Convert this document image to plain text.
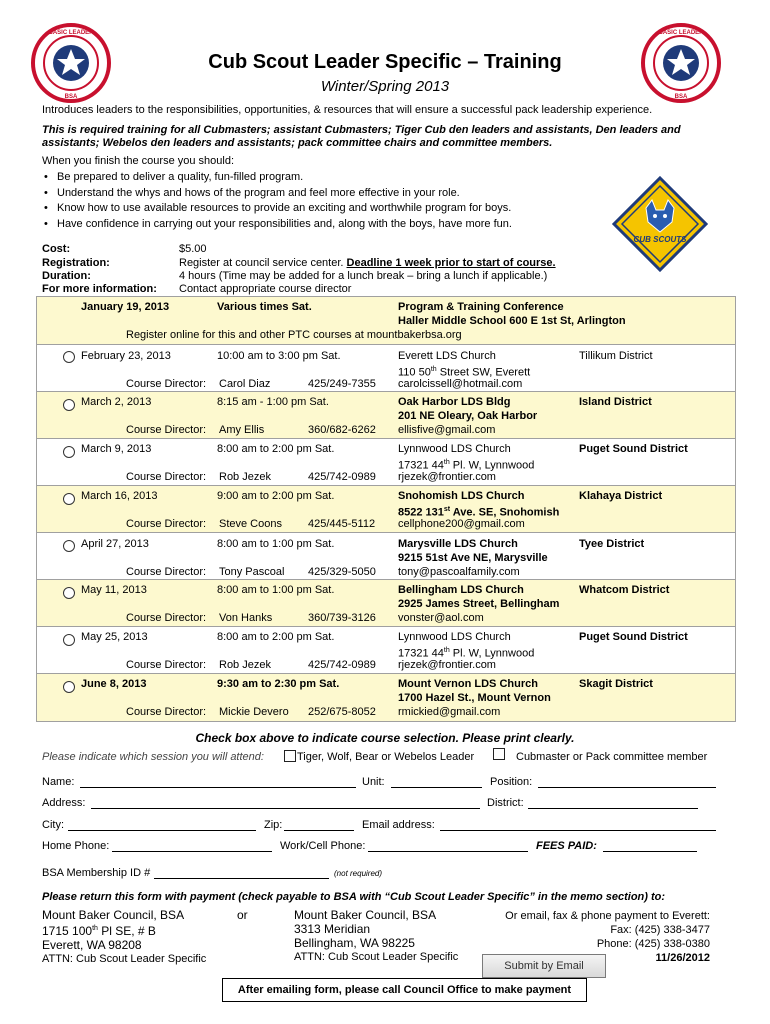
BASIC LEADER
BSA
BASIC LEADER
BSA
Cub Scout Leader Specific – Training
Winter/Spring 2013
Introduces leaders to the responsibilities, opportunities, & resources that will ensure a successful pack leadership experience.
This is required training for all Cubmasters; assistant Cubmasters; Tiger Cub den leaders and assistants, Den leaders and assistants; Webelos den leaders and assistants; pack committee chairs and committee members.
When you finish the course you should:
• Be prepared to deliver a quality, fun-filled program.
• Understand the whys and hows of the program and feel more effective in your role.
• Know how to use available resources to provide an exciting and worthwhile program for boys.
• Have confidence in carrying out your responsibilities and, along with the boys, have more fun.
CUB SCOUTS
Cost:	$5.00
Registration:	Register at council service center. Deadline 1 week prior to start of course.
Duration:	4 hours (Time may be added for a lunch break – bring a lunch if applicable.)
For more information: Contact appropriate course director
January 19, 2013	Various times Sat.	Program & Training Conference
Haller Middle School 600 E 1st St, Arlington
Register online for this and other PTC courses at mountbakerbsa.org
February 23, 2013	10:00 am to 3:00 pm Sat.	Everett LDS Church
110 50th Street SW, Everett
Tillikum District
Course Director: Carol Diaz	425/249-7355 carolcissell@hotmail.com
March 2, 2013	8:15 am - 1:00 pm Sat.	Oak Harbor LDS Bldg
201 NE Oleary, Oak Harbor
Island District
Course Director: Amy Ellis	360/682-6262 ellisfive@gmail.com
March 9, 2013	8:00 am to 2:00 pm Sat.	Lynnwood LDS Church
17321 44th Pl. W, Lynnwood
Puget Sound District
Course Director: Rob Jezek	425/742-0989 rjezek@frontier.com
March 16, 2013	9:00 am to 2:00 pm Sat.	Snohomish LDS Church
8522 131st Ave. SE, Snohomish
Klahaya District
Course Director: Steve Coons 425/445-5112 cellphone200@gmail.com
April 27, 2013	8:00 am to 1:00 pm Sat.	Marysville LDS Church
9215 51st Ave NE, Marysville
Tyee District
Course Director: Tony Pascoal 425/329-5050 tony@pascoalfamily.com
May 11, 2013	8:00 am to 1:00 pm Sat.	Bellingham LDS Church
2925 James Street, Bellingham
Whatcom District
Course Director: Von Hanks	360/739-3126 vonster@aol.com
May 25, 2013	8:00 am to 2:00 pm Sat.	Lynnwood LDS Church
17321 44th Pl. W, Lynnwood
Puget Sound District
Course Director: Rob Jezek	425/742-0989 rjezek@frontier.com
June 8, 2013	9:30 am to 2:30 pm Sat.	Mount Vernon LDS Church
1700 Hazel St., Mount Vernon
Skagit District
Course Director: Mickie Devero 252/675-8052 rmickied@gmail.com
Check box above to indicate course selection. Please print clearly.
Please indicate which session you will attend:	Tiger, Wolf, Bear or Webelos Leader	Cubmaster or Pack committee member
Name:	Unit:	Position:
Address:	District:
City:	Zip:	Email address:
Home Phone:	Work/Cell Phone:	FEES PAID:
BSA Membership ID #	(not required)
Please return this form with payment (check payable to BSA with “Cub Scout Leader Specific” in the memo section) to:
Mount Baker Council, BSA
1715 100th Pl SE, # B
Everett, WA 98208
ATTN: Cub Scout Leader Specific
or	Mount Baker Council, BSA
3313 Meridian
Bellingham, WA 98225
ATTN: Cub Scout Leader Specific
Or email, fax & phone payment to Everett:
Fax: (425) 338-3477
Phone: (425) 338-0380
11/26/2012
Submit by Email
After emailing form, please call Council Office to make payment
